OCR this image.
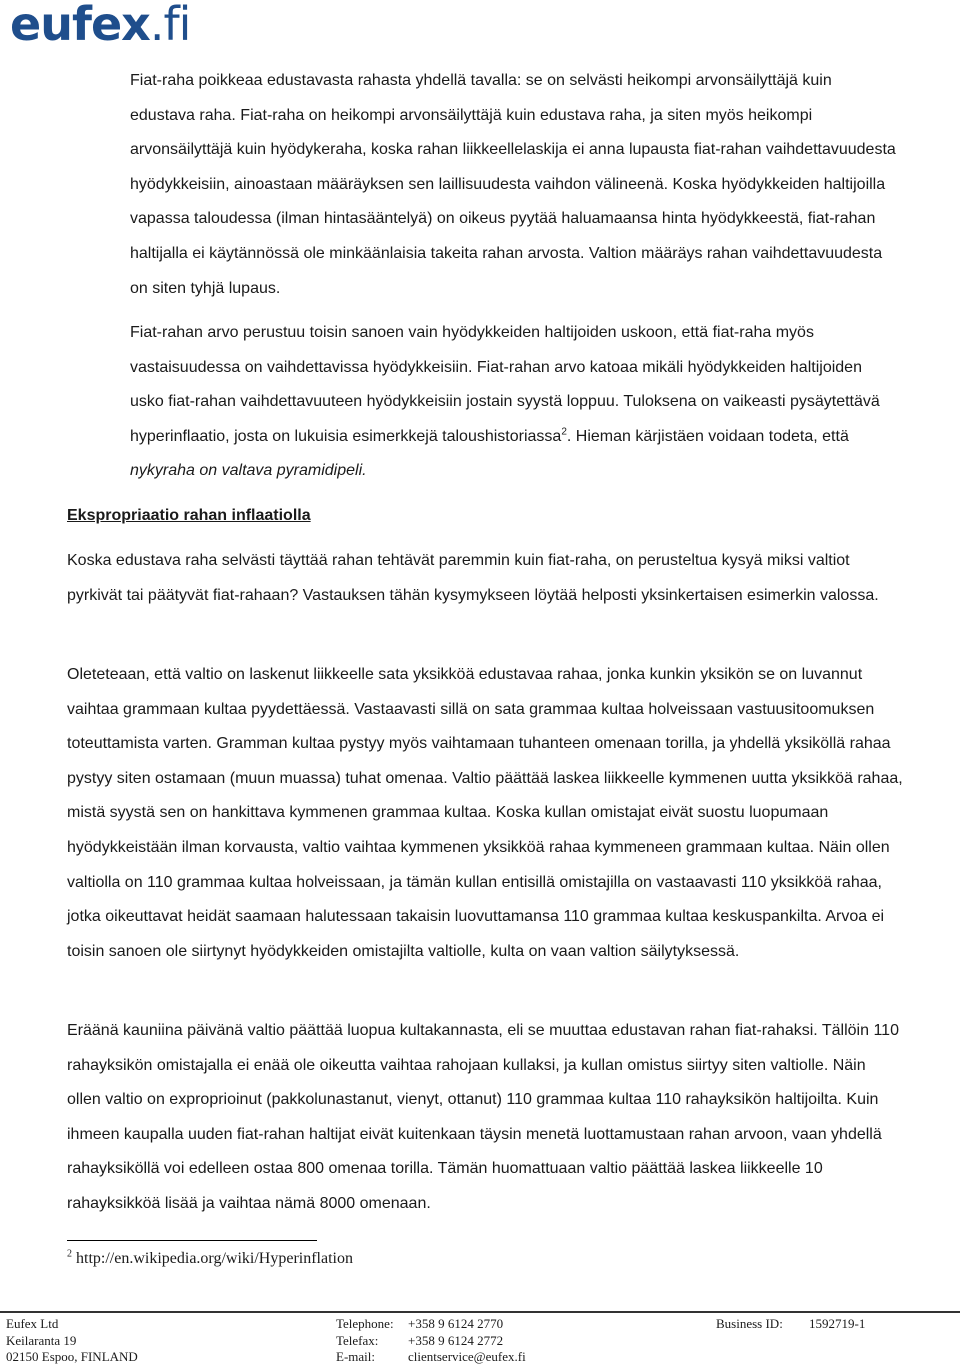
eufex.fi

Fiat-raha poikkeaa edustavasta rahasta yhdellä tavalla: se on selvästi heikompi arvonsäilyttäjä kuin edustava raha. Fiat-raha on heikompi arvonsäilyttäjä kuin edustava raha, ja siten myös heikompi arvonsäilyttäjä kuin hyödykeraha, koska rahan liikkeellelaskija ei anna lupausta fiat-rahan vaihdettavuudesta hyödykkeisiin, ainoastaan määräyksen sen laillisuudesta vaihdon välineenä. Koska hyödykkeiden haltijoilla vapassa taloudessa (ilman hintasääntelyä) on oikeus pyytää haluamaansa hinta hyödykkeestä, fiat-rahan haltijalla ei käytännössä ole minkäänlaisia takeita rahan arvosta. Valtion määräys rahan vaihdettavuudesta on siten tyhjä lupaus.

Fiat-rahan arvo perustuu toisin sanoen vain hyödykkeiden haltijoiden uskoon, että fiat-raha myös vastaisuudessa on vaihdettavissa hyödykkeisiin. Fiat-rahan arvo katoaa mikäli hyödykkeiden haltijoiden usko fiat-rahan vaihdettavuuteen hyödykkeisiin jostain syystä loppuu. Tuloksena on vaikeasti pysäytettävä hyperinflaatio, josta on lukuisia esimerkkejä taloushistoriassa$^2$. Hieman kärjistäen voidaan todeta, että nykyraha on valtava pyramidipeli.

Ekspropriaatio rahan inflaatiolla

Koska edustava raha selvästi täyttää rahan tehtävät paremmin kuin fiat-raha, on perusteltua kysyä miksi valtiot pyrkivät tai päätyvät fiat-rahaan? Vastauksen tähän kysymykseen löytää helposti yksinkertaisen esimerkin valossa.

Oleteteaan, että valtio on laskenut liikkeelle sata yksikköä edustavaa rahaa, jonka kunkin yksikön se on luvannut vaihtaa grammaan kultaa pyydettäessä. Vastaavasti sillä on sata grammaa kultaa holveissaan vastuusitoomuksen toteuttamista varten. Gramman kultaa pystyy myös vaihtamaan tuhanteen omenaan torilla, ja yhdellä yksiköllä rahaa pystyy siten ostamaan (muun muassa) tuhat omenaa. Valtio päättää laskea liikkeelle kymmenen uutta yksikköä rahaa, mistä syystä sen on hankittava kymmenen grammaa kultaa. Koska kullan omistajat eivät suostu luopumaan hyödykkeistään ilman korvausta, valtio vaihtaa kymmenen yksikköä rahaa kymmeneen grammaan kultaa. Näin ollen valtiolla on 110 grammaa kultaa holveissaan, ja tämän kullan entisillä omistajilla on vastaavasti 110 yksikköä rahaa, jotka oikeuttavat heidät saamaan halutessaan takaisin luovuttamansa 110 grammaa kultaa keskuspankilta. Arvoa ei toisin sanoen ole siirtynyt hyödykkeiden omistajilta valtiolle, kulta on vaan valtion säilytyksessä.

Eräänä kauniina päivänä valtio päättää luopua kultakannasta, eli se muuttaa edustavan rahan fiat-rahaksi. Tällöin 110 rahayksikön omistajalla ei enää ole oikeutta vaihtaa rahojaan kullaksi, ja kullan omistus siirtyy siten valtiolle. Näin ollen valtio on exproprioinut (pakkolunastanut, vienyt, ottanut) 110 grammaa kultaa 110 rahayksikön haltijoilta. Kuin ihmeen kaupalla uuden fiat-rahan haltijat eivät kuitenkaan täysin menetä luottamustaan rahan arvoon, vaan yhdellä rahayksiköllä voi edelleen ostaa 800 omenaa torilla. Tämän huomattuaan valtio päättää laskea liikkeelle 10 rahayksikköä lisää ja vaihtaa nämä 8000 omenaan.

$^2$ http://en.wikipedia.org/wiki/Hyperinflation
Eufex Ltd
Keilaranta 19
02150 Espoo, FINLAND
Telephone: +358 9 6124 2770
Telefax: +358 9 6124 2772
E-mail:	clientservice@eufex.fi
Business ID: 1592719-1
